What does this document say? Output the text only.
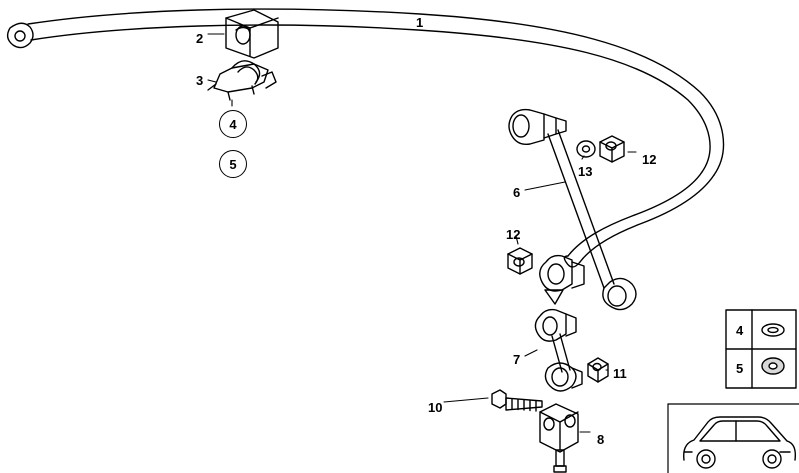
1
2
3
4
5
6
7
8
10
11
12
12
13
4
5
